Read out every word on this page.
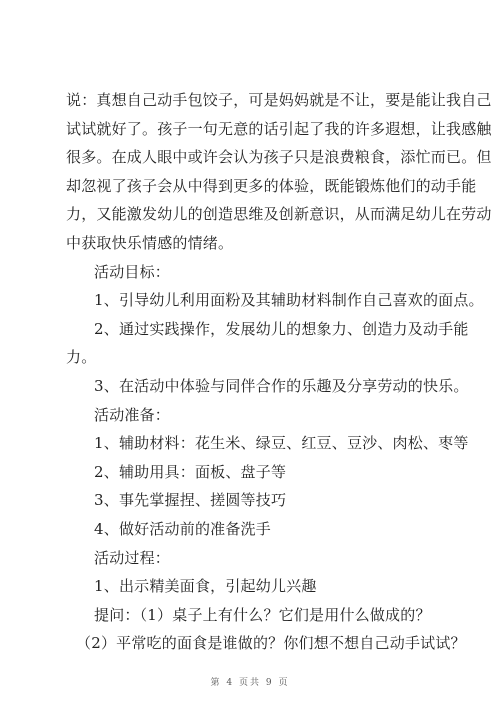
说：真想自己动手包饺子，可是妈妈就是不让，要是能让我自己
试试就好了。孩子一句无意的话引起了我的许多遐想，让我感触
很多。在成人眼中或许会认为孩子只是浪费粮食，添忙而已。但
却忽视了孩子会从中得到更多的体验，既能锻炼他们的动手能
力，又能激发幼儿的创造思维及创新意识，从而满足幼儿在劳动
中获取快乐情感的情绪。
活动目标：
1、引导幼儿利用面粉及其辅助材料制作自己喜欢的面点。
2、通过实践操作，发展幼儿的想象力、创造力及动手能
力。
3、在活动中体验与同伴合作的乐趣及分享劳动的快乐。
活动准备：
1、辅助材料：花生米、绿豆、红豆、豆沙、肉松、枣等
2、辅助用具：面板、盘子等
3、事先掌握捏、搓圆等技巧
4、做好活动前的准备洗手
活动过程：
1、出示精美面食，引起幼儿兴趣
提问：（1）桌子上有什么？它们是用什么做成的？
（2）平常吃的面食是谁做的？你们想不想自己动手试试？
第 4 页共 9 页
